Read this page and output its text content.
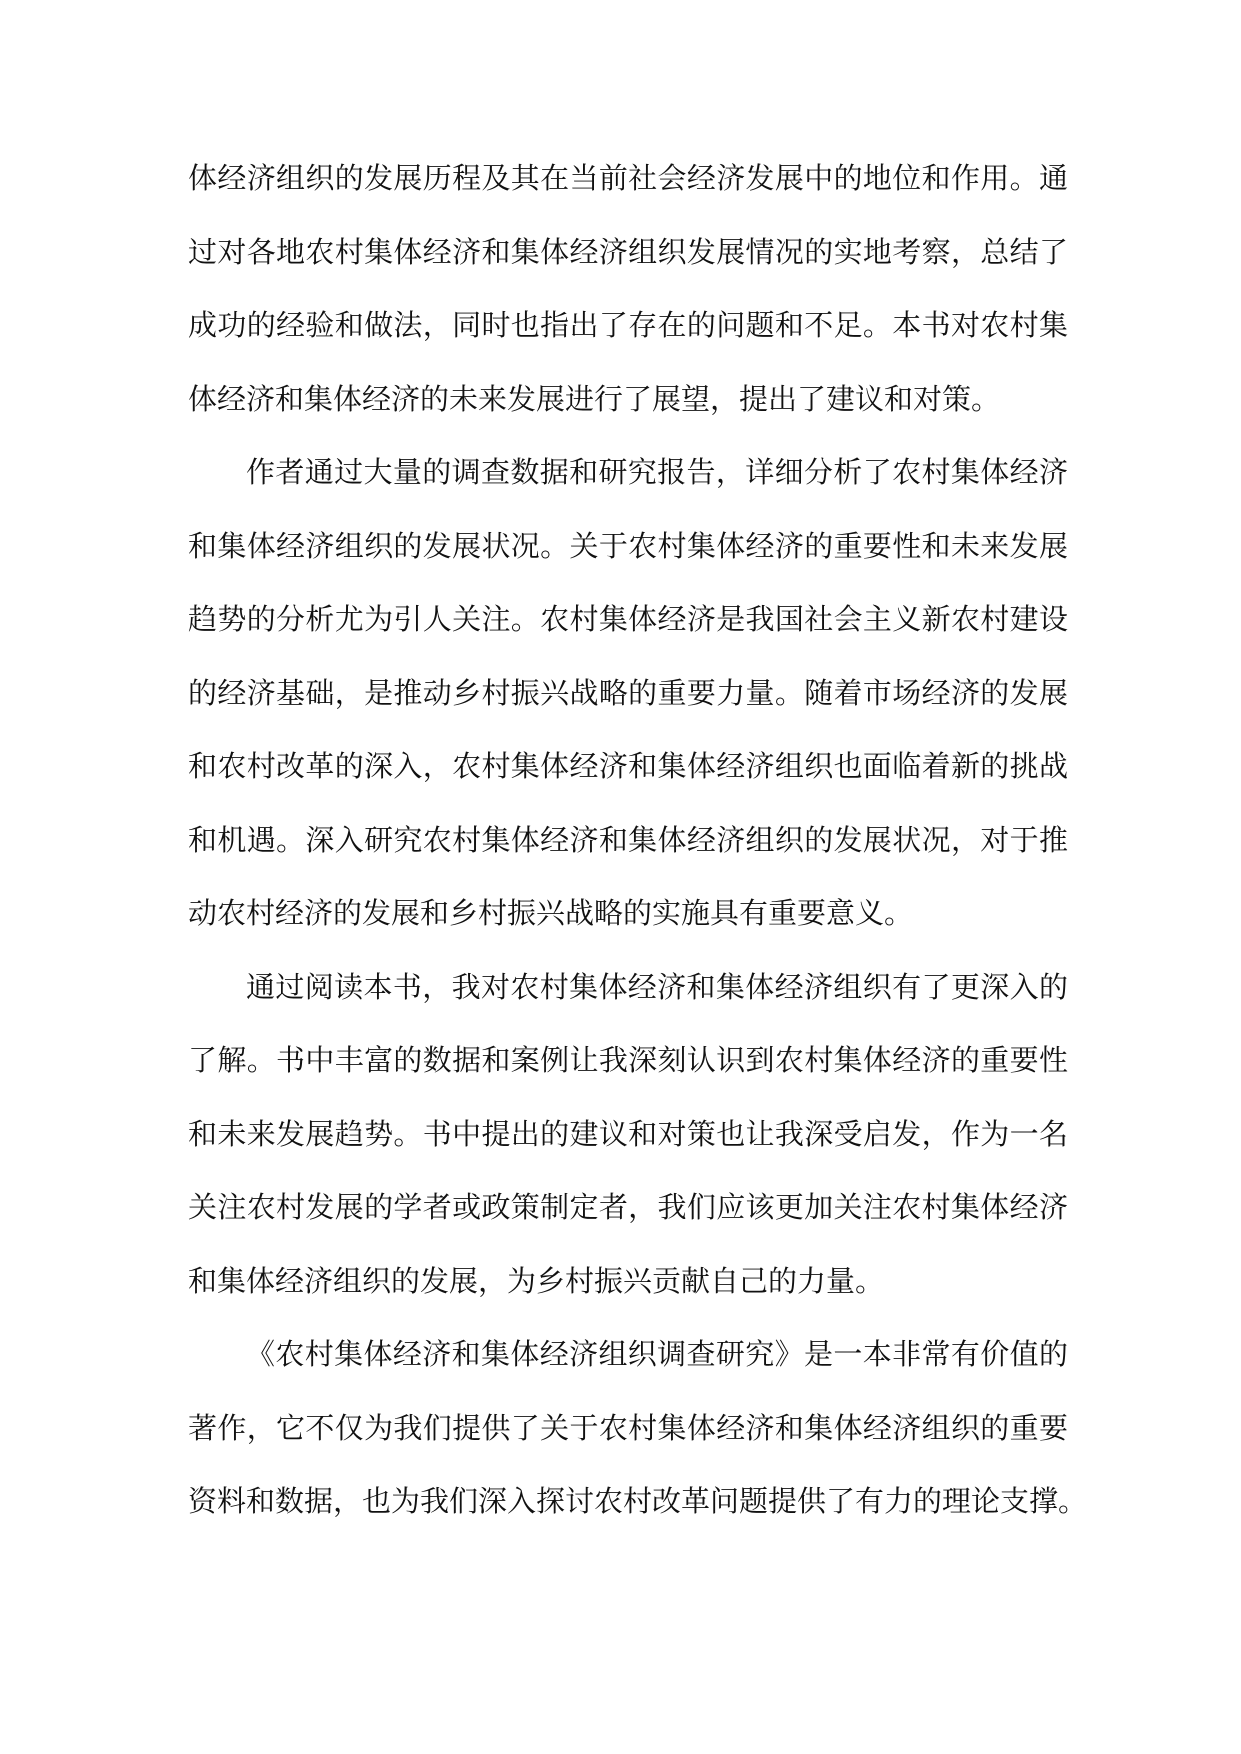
体经济组织的发展历程及其在当前社会经济发展中的地位和作用。通
过对各地农村集体经济和集体经济组织发展情况的实地考察，总结了
成功的经验和做法，同时也指出了存在的问题和不足。本书对农村集
体经济和集体经济的未来发展进行了展望，提出了建议和对策。
作者通过大量的调查数据和研究报告，详细分析了农村集体经济
和集体经济组织的发展状况。关于农村集体经济的重要性和未来发展
趋势的分析尤为引人关注。农村集体经济是我国社会主义新农村建设
的经济基础，是推动乡村振兴战略的重要力量。随着市场经济的发展
和农村改革的深入，农村集体经济和集体经济组织也面临着新的挑战
和机遇。深入研究农村集体经济和集体经济组织的发展状况，对于推
动农村经济的发展和乡村振兴战略的实施具有重要意义。
通过阅读本书，我对农村集体经济和集体经济组织有了更深入的
了解。书中丰富的数据和案例让我深刻认识到农村集体经济的重要性
和未来发展趋势。书中提出的建议和对策也让我深受启发，作为一名
关注农村发展的学者或政策制定者，我们应该更加关注农村集体经济
和集体经济组织的发展，为乡村振兴贡献自己的力量。
《农村集体经济和集体经济组织调查研究》是一本非常有价值的
著作，它不仅为我们提供了关于农村集体经济和集体经济组织的重要
资料和数据，也为我们深入探讨农村改革问题提供了有力的理论支撑。
